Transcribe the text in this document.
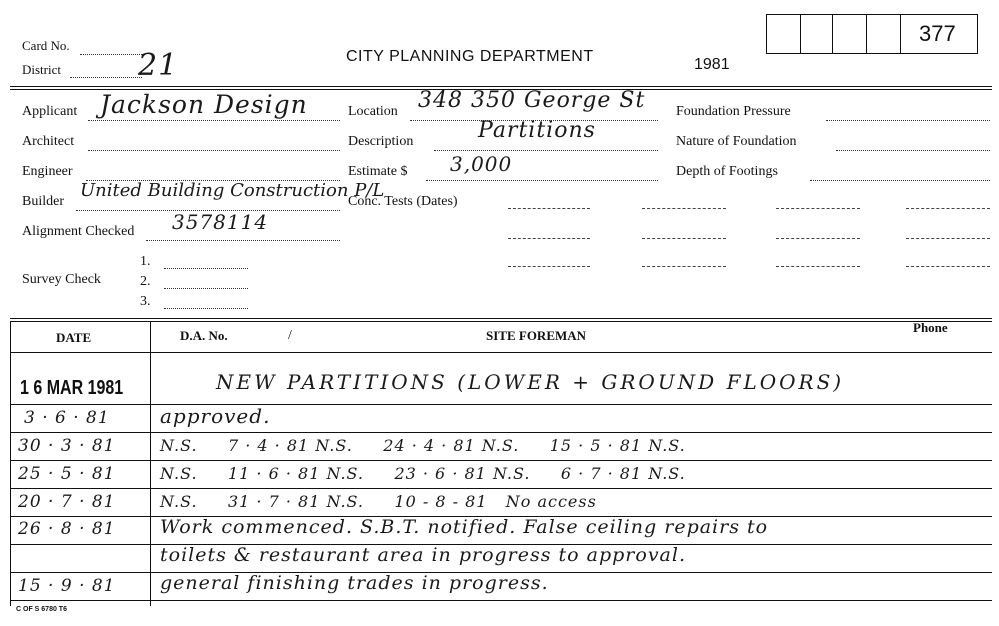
Card No.
District	21	CITY PLANNING DEPARTMENT	1981
377
Applicant Jackson Design
Architect
Engineer
Builder
United Building Construction P/L
Alignment Checked 3578114
Survey Check
1.
2.
3.
Location 348 350 George St
Description	Partitions
Estimate $ 3,000
Conc. Tests (Dates)
Foundation Pressure
Nature of Foundation
Depth of Footings
DATE	D.A. No.	/	SITE FOREMAN
Phone
1 6 MAR 1981	NEW PARTITIONS (LOWER + GROUND FLOORS)
3 · 6 · 81	approved.
30 · 3 · 81	N.S.     7 · 4 · 81 N.S.     24 · 4 · 81 N.S.     15 · 5 · 81 N.S.
25 · 5 · 81	N.S.     11 · 6 · 81 N.S.     23 · 6 · 81 N.S.     6 · 7 · 81 N.S.
20 · 7 · 81	N.S.     31 · 7 · 81 N.S.     10 - 8 - 81   No access
26 · 8 · 81 Work commenced. S.B.T. notified. False ceiling repairs to
toilets & restaurant area in progress to approval.
15 · 9 · 81 general finishing trades in progress.
C OF S 6780 T6
